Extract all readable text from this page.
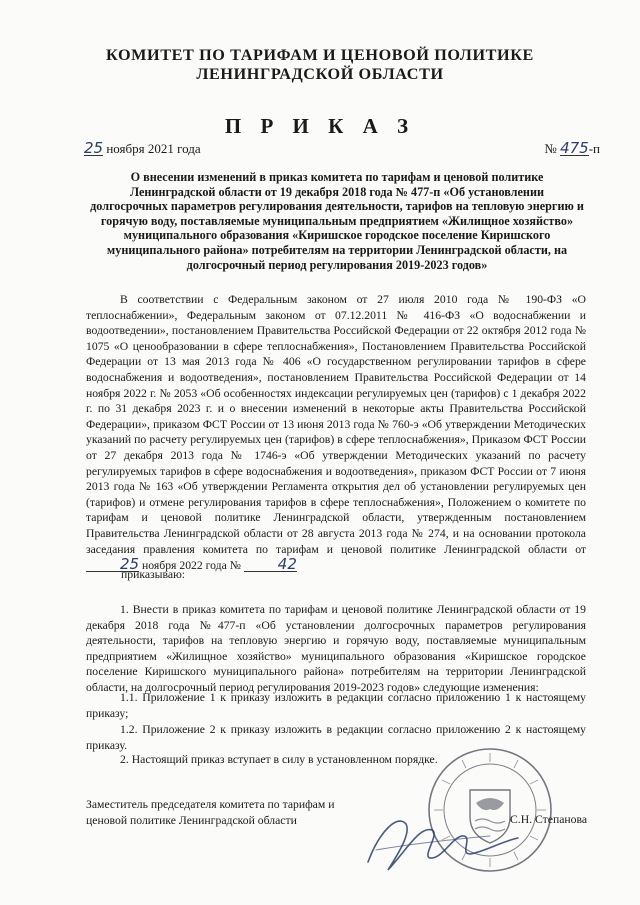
КОМИТЕТ ПО ТАРИФАМ И ЦЕНОВОЙ ПОЛИТИКЕ
ЛЕНИНГРАДСКОЙ ОБЛАСТИ
П Р И К А З
25 ноября 2021 года	№ 475-п
О внесении изменений в приказ комитета по тарифам и ценовой политике Ленинградской области от 19 декабря 2018 года № 477-п «Об установлении долгосрочных параметров регулирования деятельности, тарифов на тепловую энергию и горячую воду, поставляемые муниципальным предприятием «Жилищное хозяйство» муниципального образования «Киришское городское поселение Киришского муниципального района» потребителям на территории Ленинградской области, на долгосрочный период регулирования 2019-2023 годов»
В соответствии с Федеральным законом от 27 июля 2010 года № 190-ФЗ «О теплоснабжении», Федеральным законом от 07.12.2011 № 416-ФЗ «О водоснабжении и водоотведении», постановлением Правительства Российской Федерации от 22 октября 2012 года № 1075 «О ценообразовании в сфере теплоснабжения», Постановлением Правительства Российской Федерации от 13 мая 2013 года № 406 «О государственном регулировании тарифов в сфере водоснабжения и водоотведения», постановлением Правительства Российской Федерации от 14 ноября 2022 г. № 2053 «Об особенностях индексации регулируемых цен (тарифов) с 1 декабря 2022 г. по 31 декабря 2023 г. и о внесении изменений в некоторые акты Правительства Российской Федерации», приказом ФСТ России от 13 июня 2013 года № 760-э «Об утверждении Методических указаний по расчету регулируемых цен (тарифов) в сфере теплоснабжения», Приказом ФСТ России от 27 декабря 2013 года № 1746-э «Об утверждении Методических указаний по расчету регулируемых тарифов в сфере водоснабжения и водоотведения», приказом ФСТ России от 7 июня 2013 года № 163 «Об утверждении Регламента открытия дел об установлении регулируемых цен (тарифов) и отмене регулирования тарифов в сфере теплоснабжения», Положением о комитете по тарифам и ценовой политике Ленинградской области, утвержденным постановлением Правительства Ленинградской области от 28 августа 2013 года № 274, и на основании протокола заседания правления комитета по тарифам и ценовой политике Ленинградской области от 25 ноября 2022 года № 42
приказываю:
1. Внести в приказ комитета по тарифам и ценовой политике Ленинградской области от 19 декабря 2018 года №477-п «Об установлении долгосрочных параметров регулирования деятельности, тарифов на тепловую энергию и горячую воду, поставляемые муниципальным предприятием «Жилищное хозяйство» муниципального образования «Киришское городское поселение Киришского муниципального района» потребителям на территории Ленинградской области, на долгосрочный период регулирования 2019-2023 годов» следующие изменения:
1.1. Приложение 1 к приказу изложить в редакции согласно приложению 1 к настоящему приказу;
1.2. Приложение 2 к приказу изложить в редакции согласно приложению 2 к настоящему приказу.
2. Настоящий приказ вступает в силу в установленном порядке.
Заместитель председателя комитета по тарифам и ценовой политике Ленинградской области	С.Н. Степанова
